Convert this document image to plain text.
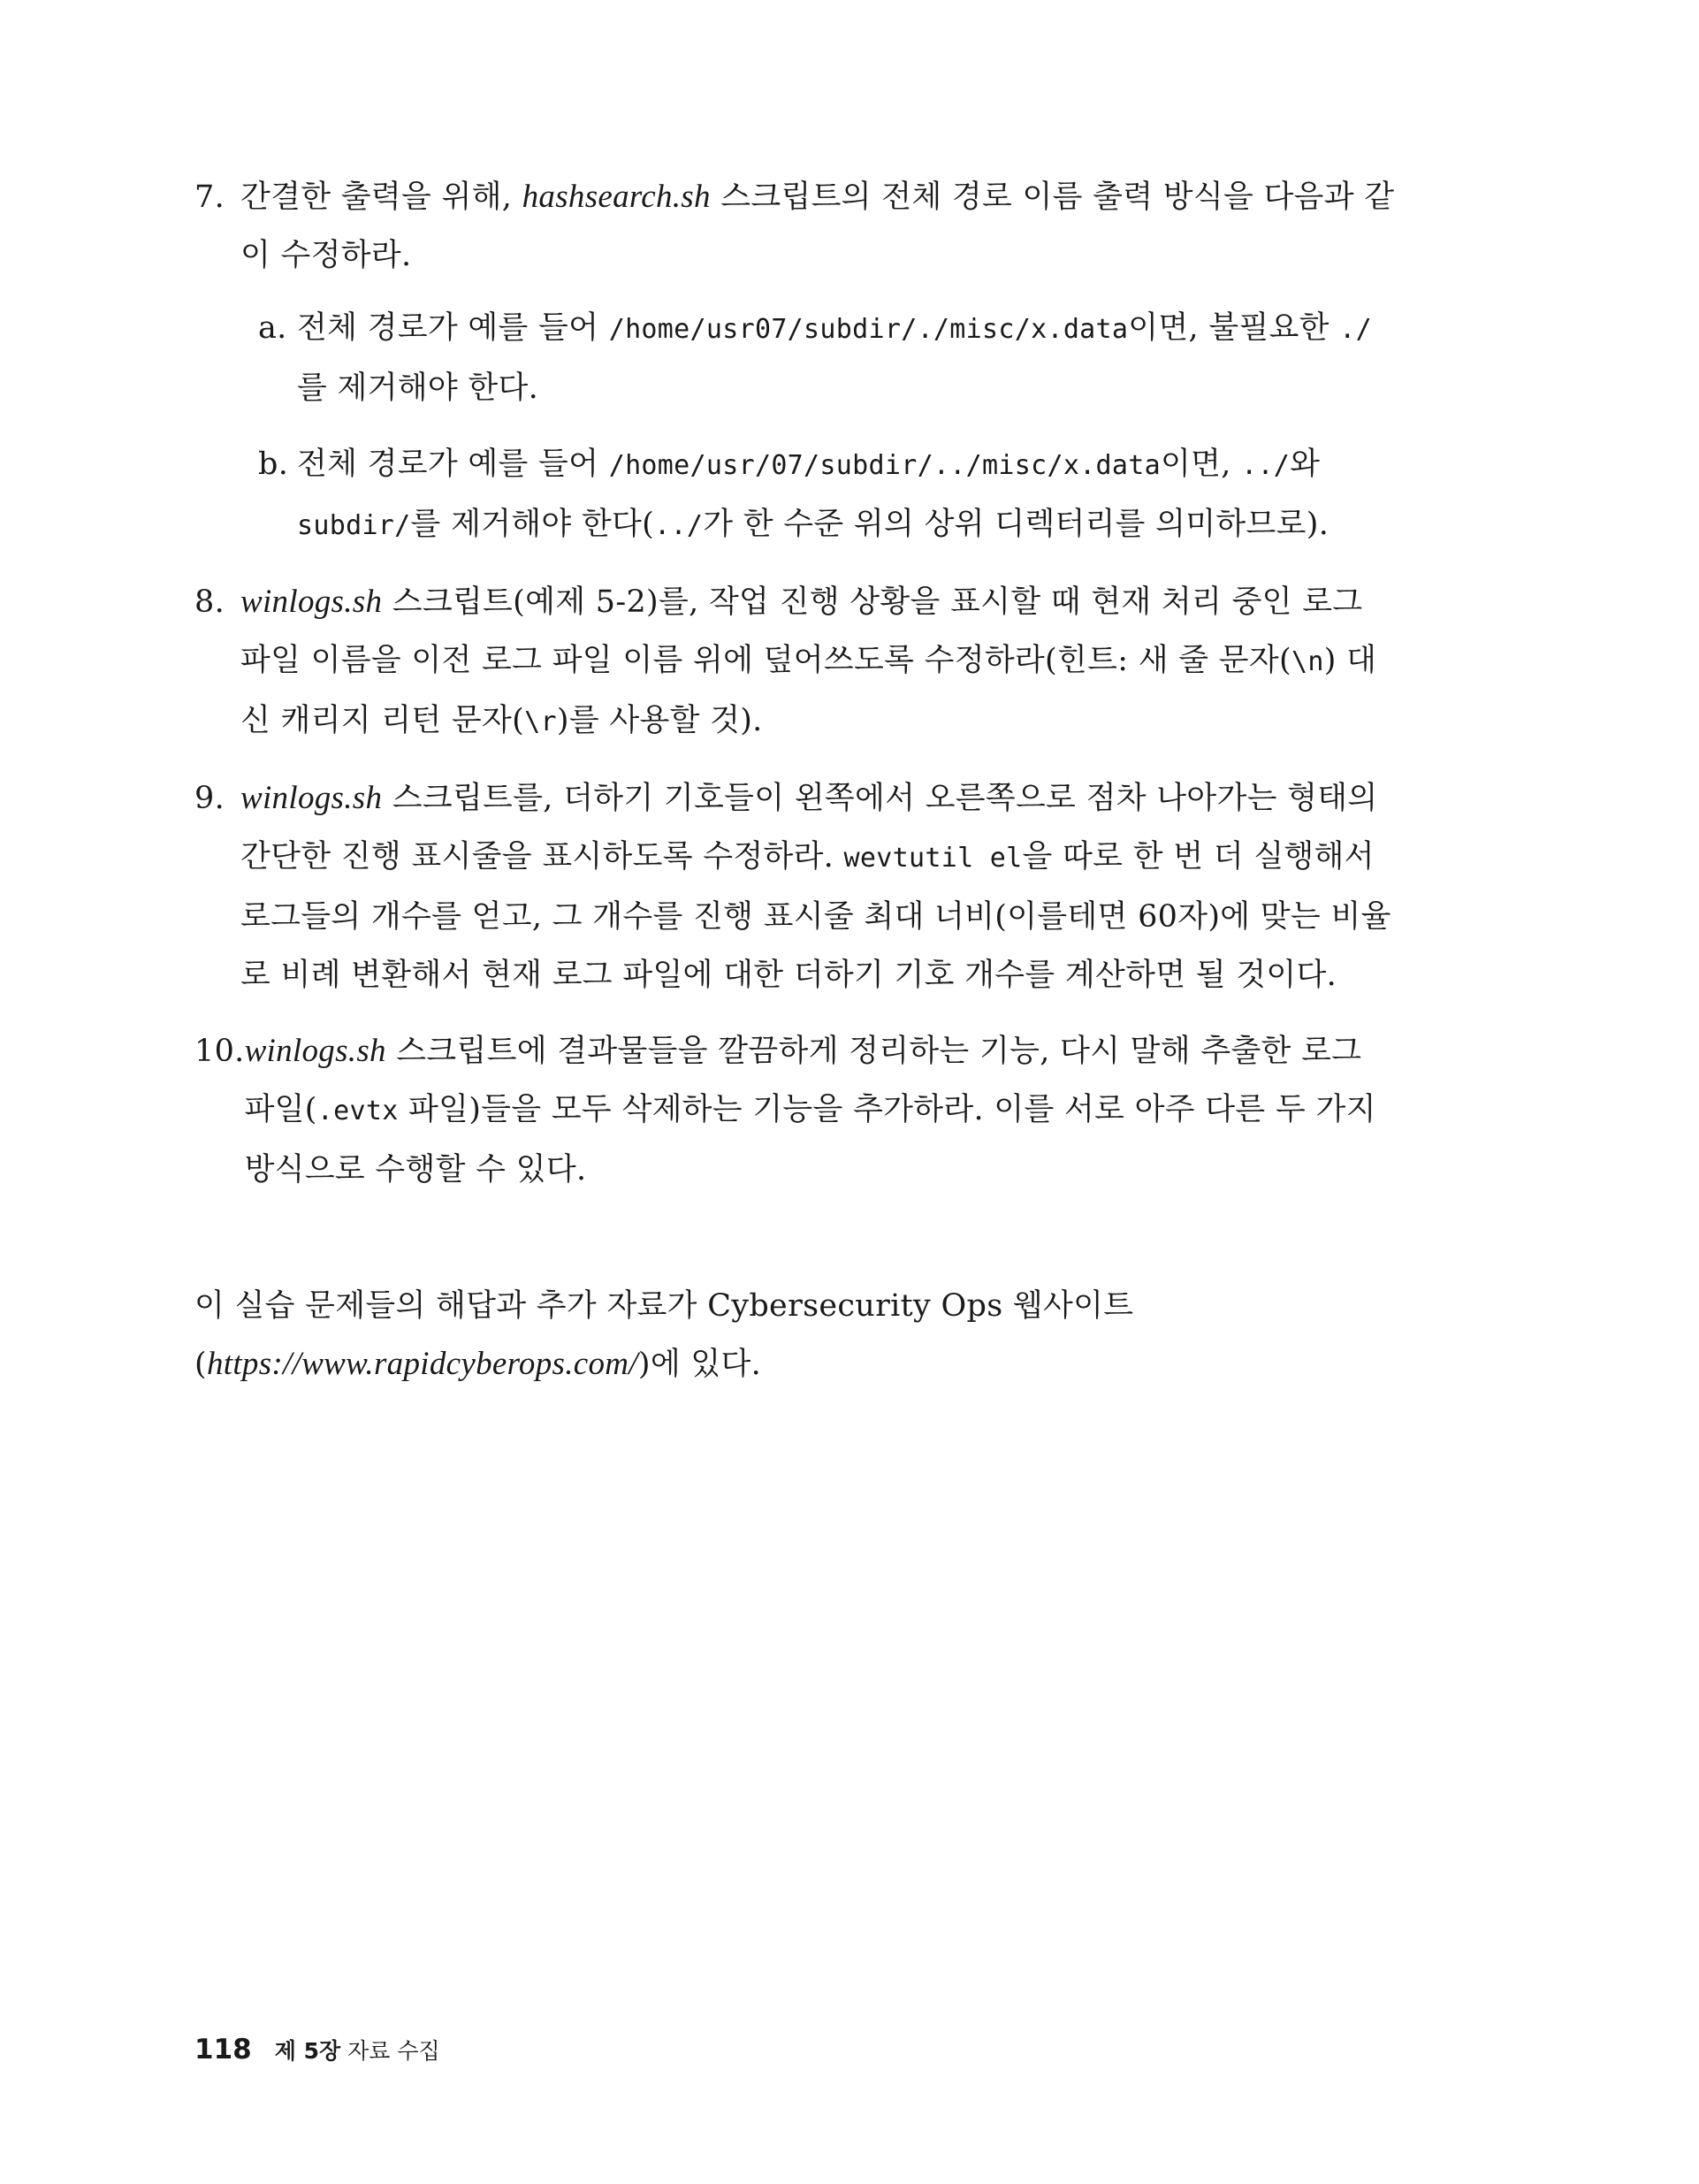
7. 간결한 출력을 위해, hashsearch.sh 스크립트의 전체 경로 이름 출력 방식을 다음과 같이 수정하라.
a. 전체 경로가 예를 들어 /home/usr07/subdir/./misc/x.data이면, 불필요한 ./를 제거해야 한다.
b. 전체 경로가 예를 들어 /home/usr/07/subdir/../misc/x.data이면, ../와 subdir/를 제거해야 한다(../가 한 수준 위의 상위 디렉터리를 의미하므로).
8. winlogs.sh 스크립트(예제 5-2)를, 작업 진행 상황을 표시할 때 현재 처리 중인 로그 파일 이름을 이전 로그 파일 이름 위에 덮어쓰도록 수정하라(힌트: 새 줄 문자(\n) 대신 캐리지 리턴 문자(\r)를 사용할 것).
9. winlogs.sh 스크립트를, 더하기 기호들이 왼쪽에서 오른쪽으로 점차 나아가는 형태의 간단한 진행 표시줄을 표시하도록 수정하라. wevtutil el을 따로 한 번 더 실행해서 로그들의 개수를 얻고, 그 개수를 진행 표시줄 최대 너비(이를테면 60자)에 맞는 비율로 비례 변환해서 현재 로그 파일에 대한 더하기 기호 개수를 계산하면 될 것이다.
10. winlogs.sh 스크립트에 결과물들을 깔끔하게 정리하는 기능, 다시 말해 추출한 로그 파일(.evtx 파일)들을 모두 삭제하는 기능을 추가하라. 이를 서로 아주 다른 두 가지 방식으로 수행할 수 있다.
이 실습 문제들의 해답과 추가 자료가 Cybersecurity Ops 웹사이트(https://www.rapidcyberops.com/)에 있다.
118 제 5장 자료 수집
